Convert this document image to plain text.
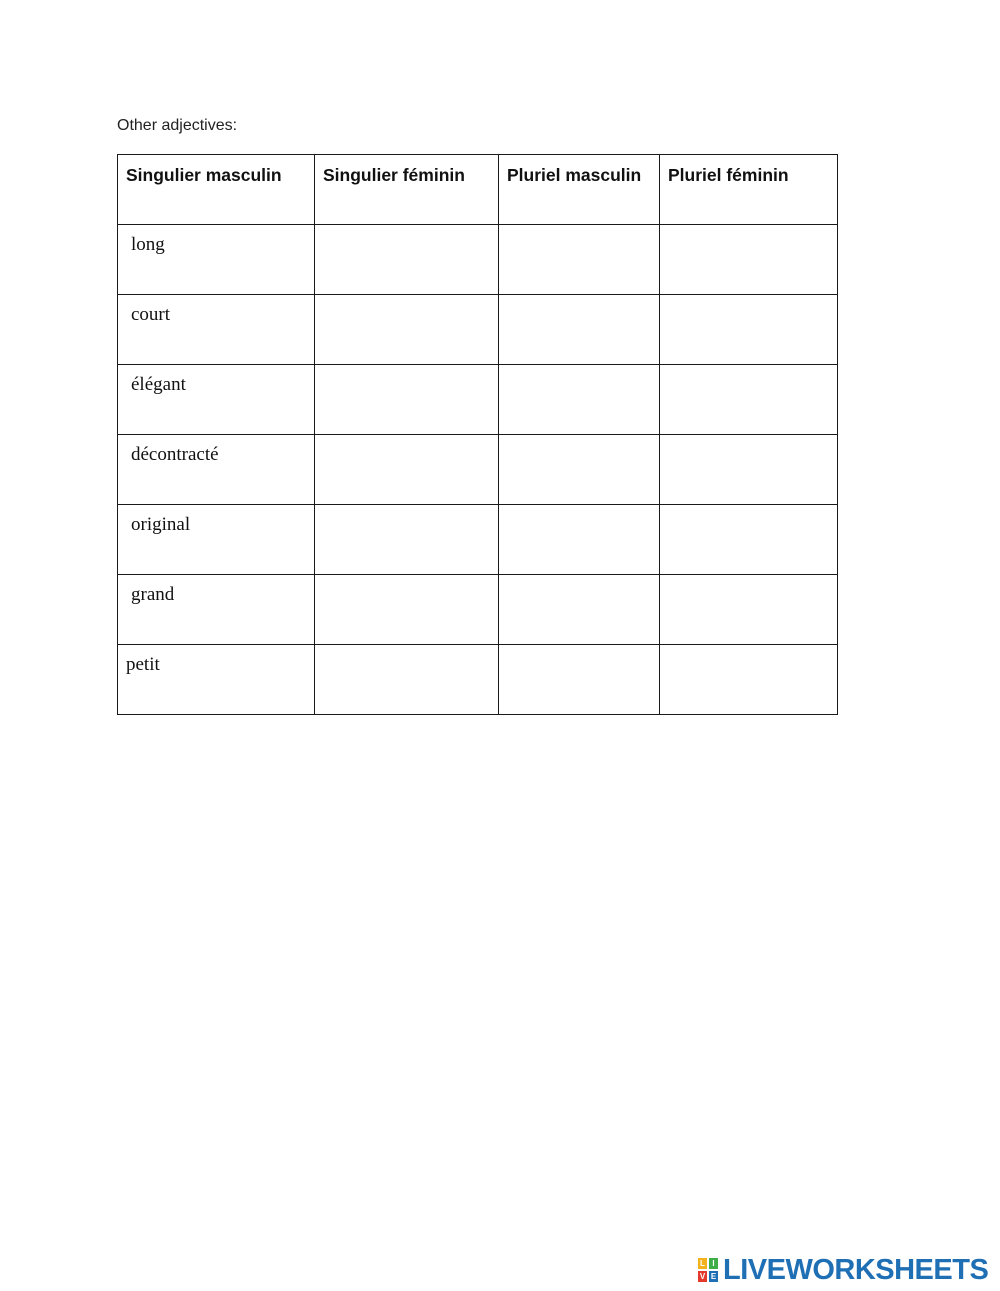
Other adjectives:
Singulier masculin	Singulier féminin	Pluriel masculin	Pluriel féminin
long			
court			
élégant			
décontracté			
original			
grand			
petit			
L I
V E LIVEWORKSHEETS
